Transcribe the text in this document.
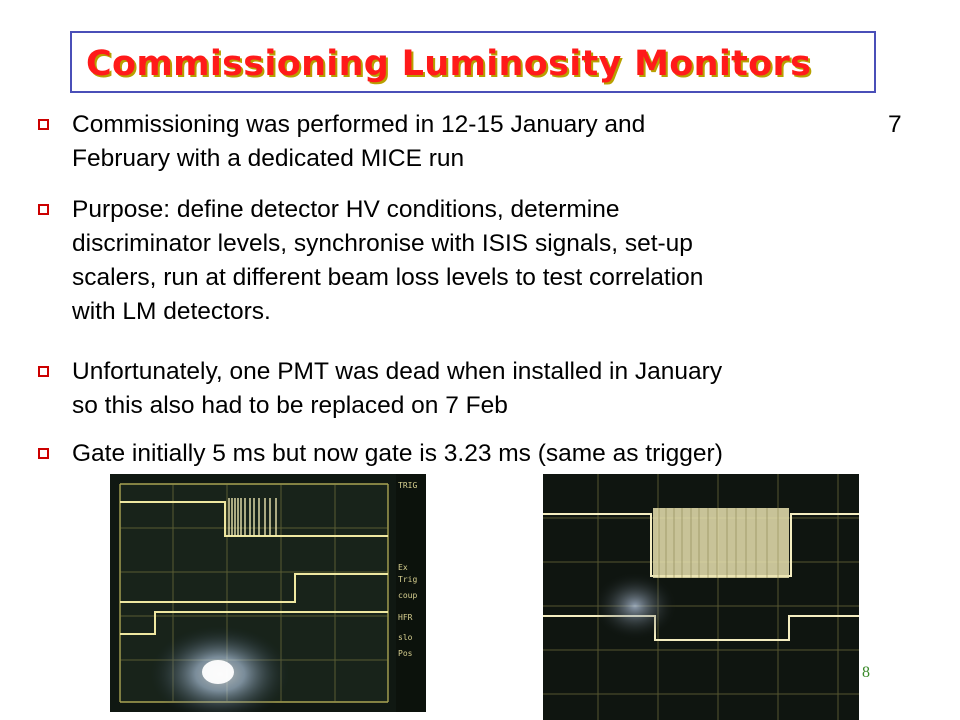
Commissioning Luminosity Monitors
Commissioning was performed in 12-15 January and	7
February with a dedicated MICE run
Purpose: define detector HV conditions, determine
discriminator levels, synchronise with ISIS signals, set-up
scalers, run at different beam loss levels to test correlation
with LM detectors.
Unfortunately, one PMT was dead when installed in January
so this also had to be replaced on 7 Feb
Gate initially 5 ms but now gate is 3.23 ms (same as trigger)
TRIG
Ex
Trig
coup
HFR
slo
Pos
8
